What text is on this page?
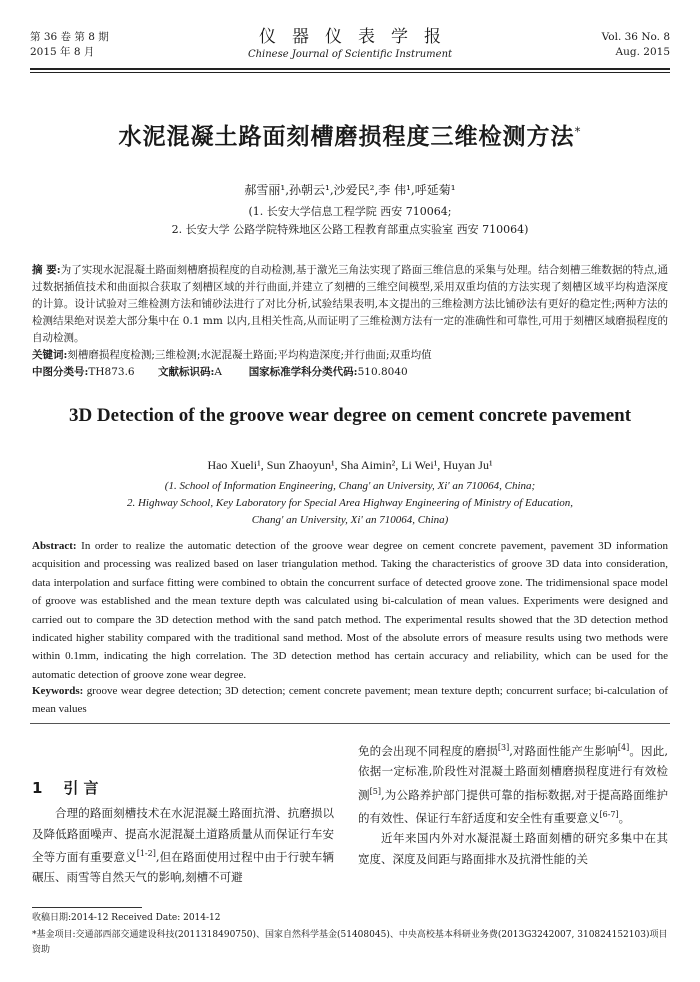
第 36 卷 第 8 期
2015 年 8 月
仪器仪表学报
Chinese Journal of Scientific Instrument
Vol. 36 No. 8
Aug. 2015
水泥混凝土路面刻槽磨损程度三维检测方法*
郝雪丽¹,孙朝云¹,沙爱民²,李 伟¹,呼延菊¹
(1. 长安大学信息工程学院 西安 710064;
2. 长安大学 公路学院特殊地区公路工程教育部重点实验室 西安 710064)
摘 要:为了实现水泥混凝土路面刻槽磨损程度的自动检测,基于激光三角法实现了路面三维信息的采集与处理。结合刻槽三维数据的特点,通过数据插值技术和曲面拟合获取了刻槽区域的并行曲面,并建立了刻槽的三维空间模型,采用双重均值的方法实现了刻槽区域平均构造深度的计算。设计试验对三维检测方法和铺砂法进行了对比分析,试验结果表明,本文提出的三维检测方法比铺砂法有更好的稳定性;两种方法的检测结果绝对误差大部分集中在 0.1 mm 以内,且相关性高,从而证明了三维检测方法有一定的准确性和可靠性,可用于刻槽区域磨损程度的自动检测。
关键词:刻槽磨损程度检测;三维检测;水泥混凝土路面;平均构造深度;并行曲面;双重均值
中图分类号:TH873.6 文献标识码:A	国家标准学科分类代码:510.8040
3D Detection of the groove wear degree on cement concrete pavement
Hao Xueli¹, Sun Zhaoyun¹, Sha Aimin², Li Wei¹, Huyan Ju¹
(1. School of Information Engineering, Chang' an University, Xi' an 710064, China;
2. Highway School, Key Laboratory for Special Area Highway Engineering of Ministry of Education,
Chang' an University, Xi' an 710064, China)
Abstract: In order to realize the automatic detection of the groove wear degree on cement concrete pavement, pavement 3D information acquisition and processing was realized based on laser triangulation method. Taking the characteristics of groove 3D data into consideration, data interpolation and surface fitting were combined to obtain the concurrent surface of detected groove zone. The tridimensional space model of groove was established and the mean texture depth was calculated using bi-calculation of mean values. Experiments were designed and carried out to compare the 3D detection method with the sand patch method. The experimental results showed that the 3D detection method indicated higher stability compared with the traditional sand method. Most of the absolute errors of measure results using two methods were within 0.1mm, indicating the high correlation. The 3D detection method has certain accuracy and reliability, which can be used for the automatic detection of groove zone wear degree.
Keywords: groove wear degree detection; 3D detection; cement concrete pavement; mean texture depth; concurrent surface; bi-calculation of mean values
1 引 言
合理的路面刻槽技术在水泥混凝土路面抗滑、抗磨损以及降低路面噪声、提高水泥混凝土道路质量从而保证行车安全等方面有重要意义[1-2],但在路面使用过程中由于行驶车辆碾压、雨雪等自然天气的影响,刻槽不可避
免的会出现不同程度的磨损[3],对路面性能产生影响[4]。因此,依据一定标准,阶段性对混凝土路面刻槽磨损程度进行有效检测[5],为公路养护部门提供可靠的指标数据,对于提高路面维护的有效性、保证行车舒适度和安全性有重要意义[6-7]。
近年来国内外对水凝混凝土路面刻槽的研究多集中在其宽度、深度及间距与路面排水及抗滑性能的关
收稿日期:2014-12 Received Date: 2014-12
*基金项目:交通部西部交通建设科技(2011318490750)、国家自然科学基金(51408045)、中央高校基本科研业务费(2013G3242007, 310824152103)项目资助
